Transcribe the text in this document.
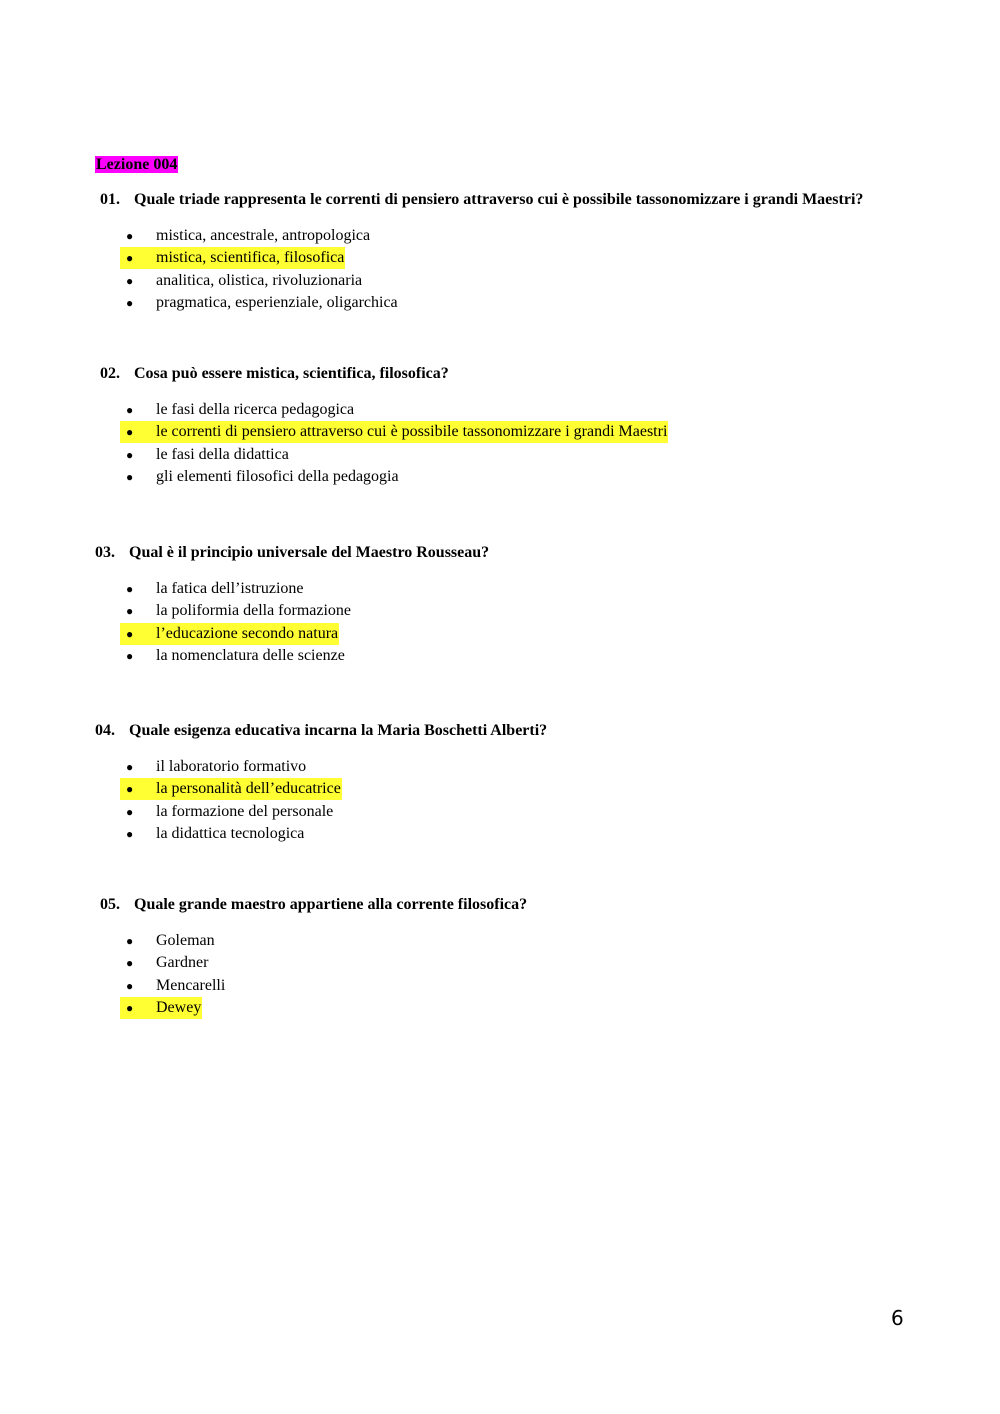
Lezione 004
01. Quale triade rappresenta le correnti di pensiero attraverso cui è possibile tassonomizzare i grandi Maestri?
● mistica, ancestrale, antropologica
● mistica, scientifica, filosofica
● analitica, olistica, rivoluzionaria
● pragmatica, esperienziale, oligarchica
02. Cosa può essere mistica, scientifica, filosofica?
● le fasi della ricerca pedagogica
● le correnti di pensiero attraverso cui è possibile tassonomizzare i grandi Maestri
● le fasi della didattica
● gli elementi filosofici della pedagogia
03. Qual è il principio universale del Maestro Rousseau?
● la fatica dell’istruzione
● la poliformia della formazione
● l’educazione secondo natura
● la nomenclatura delle scienze
04. Quale esigenza educativa incarna la Maria Boschetti Alberti?
● il laboratorio formativo
● la personalità dell’educatrice
● la formazione del personale
● la didattica tecnologica
05. Quale grande maestro appartiene alla corrente filosofica?
● Goleman
● Gardner
● Mencarelli
● Dewey
6
